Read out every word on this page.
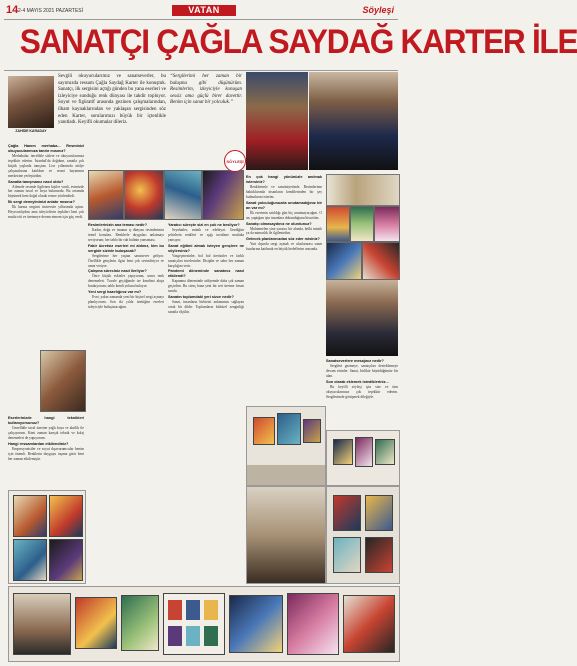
14 2-4 MAYIS 2021 PAZARTESİ	VATAN	Söyleşi
SANATÇI ÇAĞLA SAYDAĞ KARTER İLE
ZAHİDE KARADAY
Sevgili okuyucularımız ve sanatseverler, bu sayımızda ressam Çağla Saydağ Karter ile konuştuk. Sanatçı, ilk sergisini açtığı günden bu yana eserleri ve izleyiciye sunduğu renk dünyası ile takdir topluyor. Soyut ve figüratif arasında gezinen çalışmalarından, ilham kaynaklarından ve yaklaşan sergisinden söz eden Karter, sorularımızı büyük bir içtenlikle yanıtladı. Keyifli okumalar dileriz.
“Sergilerimi her zaman bir buluşma gibi düşünürüm. Resimlerim, izleyiciyle konuşan sessiz ama güçlü birer davettir. Benim için sanat bir yolculuk.”
Çağla Hanım merhaba... Resminizi okuyucularımıza tanıtır mısınız?
Merhabalar, öncelikle sizlere ve okuyucularınıza teşekkür ederim. İstanbul'da doğdum, sanatla çok küçük yaşlarda tanıştım. Lise yıllarımda atölye çalışmalarına katıldım ve resmi hayatımın merkezine yerleştirdim.
Sanatla tanışmanız nasıl oldu?
Ailemde resimle ilgilenen kişiler vardı, evimizde her zaman tuval ve boya bulunurdu. Bu ortamda büyümek beni doğal olarak resme yönlendirdi.
İlk sergi deneyiminizi anlatır mısınız?
İlk karma sergimi üniversite yıllarımda açtım. Heyecanlıydım ama izleyicilerin tepkileri beni çok mutlu etti ve üretmeye devam etmem için güç verdi.
Eserlerinizde hangi teknikleri kullanıyorsunuz?
Genellikle tuval üzerine yağlı boya ve akrilik ile çalışıyorum. Kimi zaman karışık teknik ve kolaj denemeleri de yapıyorum.
Hangi ressamlardan etkilendiniz?
Empresyonistler ve soyut dışavurumcular benim için önemli. Renklerin duyguyu taşıma gücü beni her zaman etkilemiştir.
Resimlerinizin ana teması nedir?
Kadın, doğa ve insanın iç dünyası resimlerimin temel konuları. Renklerle duyguları anlatmayı seviyorum; her tablo bir ruh halinin yansıması.
Fakir ücretsiz eserleri mi aldınız, kim bu sergide sizinle buluşacak?
Sergilerime her yaştan sanatsever geliyor. Özellikle gençlerin ilgisi beni çok sevindiriyor ve umut veriyor.
Çalışma süreciniz nasıl ilerliyor?
Önce küçük eskizler yapıyorum, sonra renk denemeleri. Tuvale geçtiğimde ise kendimi akışa bırakıyorum; tablo kendi yolunu buluyor.
Yeni sergi hazırlığınız var mı?
Evet, yakın zamanda yeni bir kişisel sergi açmayı planlıyorum. Son iki yılda ürettiğim eserleri izleyiciyle buluşturacağım.
Yaratıcı süreçte sizi en çok ne besliyor?
Seyahatler, müzik ve edebiyat. Gezdiğim şehirlerin renkleri ve ışığı tuvalime mutlaka yansıyor.
Sanat eğitimi almak isteyen gençlere ne söylersiniz?
Vazgeçmesinler, bol bol üretsinler ve farklı sanatçıları incelesinler. Disiplin ve sabır her zaman karşılığını verir.
Pandemi döneminde sanatınız nasıl etkilendi?
Kapanma döneminde atölyemde daha çok zaman geçirdim. Bu süreç bana yeni bir seri üretme fırsatı sundu.
Sanatın toplumdaki yeri sizce nedir?
Sanat, insanların birbirini anlamasını sağlayan ortak bir dildir. Toplumların kültürel zenginliği sanatla ölçülür.
SÖYLEŞİ
En çok hangi yönünüzle anılmak istersiniz?
Renklerimle ve samimiyetimle. Resimlerime baktıklarında insanların kendilerinden bir şey bulmalarını isterim.
Sanat yolculuğunuzda unutamadığınız bir an var mı?
İlk eserimin satıldığı gün hiç unutmayacağım. O an, yaptığım işin insanlara dokunduğunu hissettim.
Sanatçı olmasaydınız ne olurdunuz?
Muhtemelen yine yaratıcı bir alanda, belki müzik ya da mimarlık ile ilgilenirdim.
Gelecek planlarınızdan söz eder misiniz?
Yurt dışında sergi açmak ve uluslararası sanat fuarlarına katılmak en büyük hedeflerim arasında.
Sanatseverlere mesajınız nedir?
Sergileri gezmeye, sanatçıları desteklemeye devam etsinler. Sanat, birlikte büyüdüğümüz bir alan.
Son olarak eklemek istedikleriniz...
Bu keyifli söyleşi için size ve tüm okuyucularınıza çok teşekkür ederim. Sergilerimde görüşmek dileğiyle.
